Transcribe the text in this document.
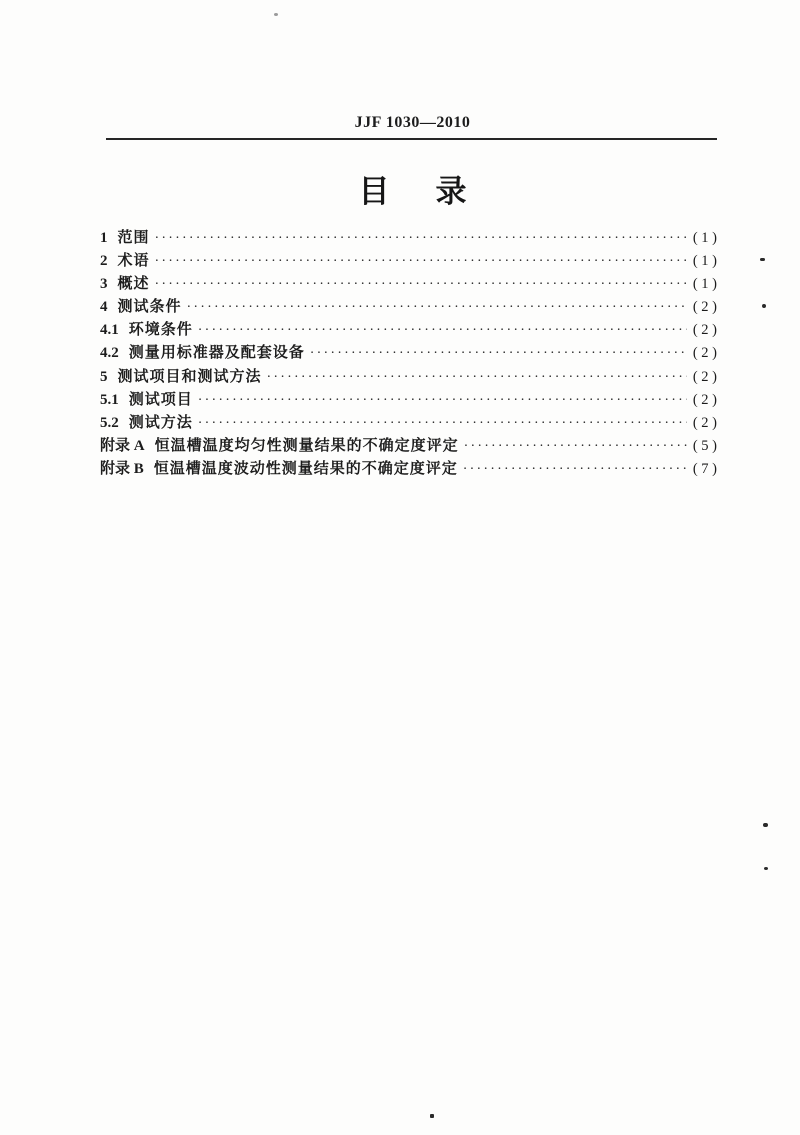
JJF 1030—2010
目 录
1 范围 ·····	( 1 )
2 术语 ·····	( 1 )
3 概述 ·····	( 1 )
4 测试条件 ·····	( 2 )
4.1 环境条件 ·····	( 2 )
4.2 测量用标准器及配套设备 ·····	( 2 )
5 测试项目和测试方法 ·····	( 2 )
5.1 测试项目 ·····	( 2 )
5.2 测试方法 ·····	( 2 )
附录 A 恒温槽温度均匀性测量结果的不确定度评定 ·····	( 5 )
附录 B 恒温槽温度波动性测量结果的不确定度评定 ·····	( 7 )
